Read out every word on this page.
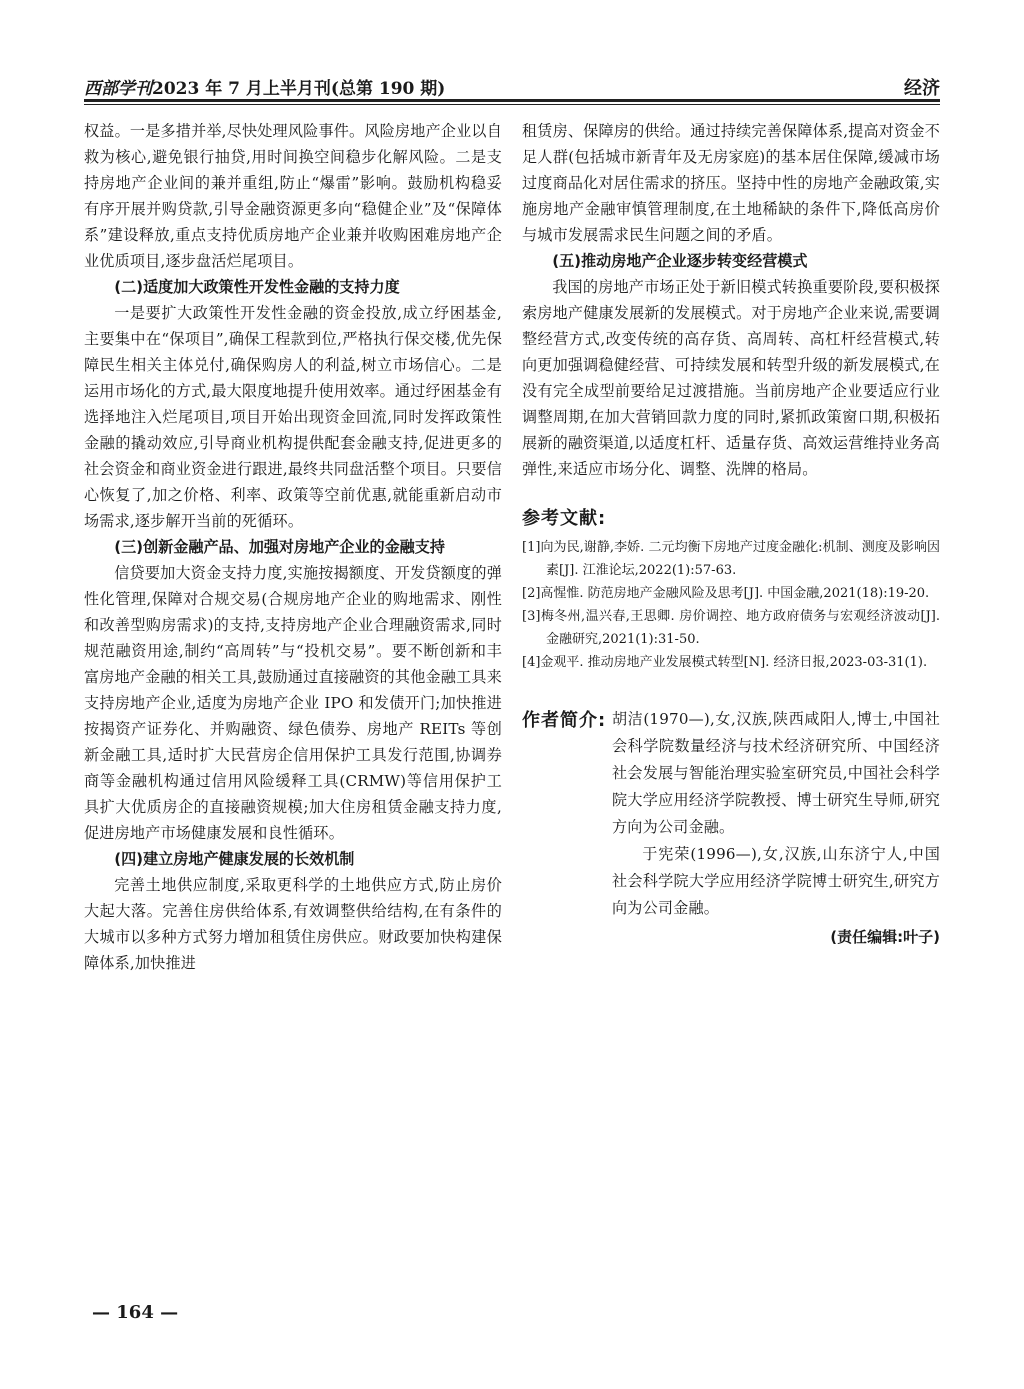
西部学刊2023 年 7 月上半月刊(总第 190 期)	经济

权益。一是多措并举,尽快处理风险事件。风险房地产企业以自救为核心,避免银行抽贷,用时间换空间稳步化解风险。二是支持房地产企业间的兼并重组,防止“爆雷”影响。鼓励机构稳妥有序开展并购贷款,引导金融资源更多向“稳健企业”及“保障体系”建设释放,重点支持优质房地产企业兼并收购困难房地产企业优质项目,逐步盘活烂尾项目。

(二)适度加大政策性开发性金融的支持力度

一是要扩大政策性开发性金融的资金投放,成立纾困基金,主要集中在“保项目”,确保工程款到位,严格执行保交楼,优先保障民生相关主体兑付,确保购房人的利益,树立市场信心。二是运用市场化的方式,最大限度地提升使用效率。通过纾困基金有选择地注入烂尾项目,项目开始出现资金回流,同时发挥政策性金融的撬动效应,引导商业机构提供配套金融支持,促进更多的社会资金和商业资金进行跟进,最终共同盘活整个项目。只要信心恢复了,加之价格、利率、政策等空前优惠,就能重新启动市场需求,逐步解开当前的死循环。

(三)创新金融产品、加强对房地产企业的金融支持

信贷要加大资金支持力度,实施按揭额度、开发贷额度的弹性化管理,保障对合规交易(合规房地产企业的购地需求、刚性和改善型购房需求)的支持,支持房地产企业合理融资需求,同时规范融资用途,制约“高周转”与“投机交易”。要不断创新和丰富房地产金融的相关工具,鼓励通过直接融资的其他金融工具来支持房地产企业,适度为房地产企业 IPO 和发债开门;加快推进按揭资产证券化、并购融资、绿色债券、房地产 REITs 等创新金融工具,适时扩大民营房企信用保护工具发行范围,协调券商等金融机构通过信用风险缓释工具(CRMW)等信用保护工具扩大优质房企的直接融资规模;加大住房租赁金融支持力度,促进房地产市场健康发展和良性循环。

(四)建立房地产健康发展的长效机制

完善土地供应制度,采取更科学的土地供应方式,防止房价大起大落。完善住房供给体系,有效调整供给结构,在有条件的大城市以多种方式努力增加租赁住房供应。财政要加快构建保障体系,加快推进

租赁房、保障房的供给。通过持续完善保障体系,提高对资金不足人群(包括城市新青年及无房家庭)的基本居住保障,缓减市场过度商品化对居住需求的挤压。坚持中性的房地产金融政策,实施房地产金融审慎管理制度,在土地稀缺的条件下,降低高房价与城市发展需求民生问题之间的矛盾。

(五)推动房地产企业逐步转变经营模式

我国的房地产市场正处于新旧模式转换重要阶段,要积极探索房地产健康发展新的发展模式。对于房地产企业来说,需要调整经营方式,改变传统的高存货、高周转、高杠杆经营模式,转向更加强调稳健经营、可持续发展和转型升级的新发展模式,在没有完全成型前要给足过渡措施。当前房地产企业要适应行业调整周期,在加大营销回款力度的同时,紧抓政策窗口期,积极拓展新的融资渠道,以适度杠杆、适量存货、高效运营维持业务高弹性,来适应市场分化、调整、洗牌的格局。

参考文献:

[1]向为民,谢静,李娇. 二元均衡下房地产过度金融化:机制、测度及影响因素[J]. 江淮论坛,2022(1):57-63.

[2]高惺惟. 防范房地产金融风险及思考[J]. 中国金融,2021(18):19-20.

[3]梅冬州,温兴春,王思卿. 房价调控、地方政府债务与宏观经济波动[J]. 金融研究,2021(1):31-50.

[4]金观平. 推动房地产业发展模式转型[N]. 经济日报,2023-03-31(1).

作者简介: 胡洁(1970—),女,汉族,陕西咸阳人,博士,中国社会科学院数量经济与技术经济研究所、中国经济社会发展与智能治理实验室研究员,中国社会科学院大学应用经济学院教授、博士研究生导师,研究方向为公司金融。

于宪荣(1996—),女,汉族,山东济宁人,中国社会科学院大学应用经济学院博士研究生,研究方向为公司金融。

(责任编辑:叶子)
— 164 —
